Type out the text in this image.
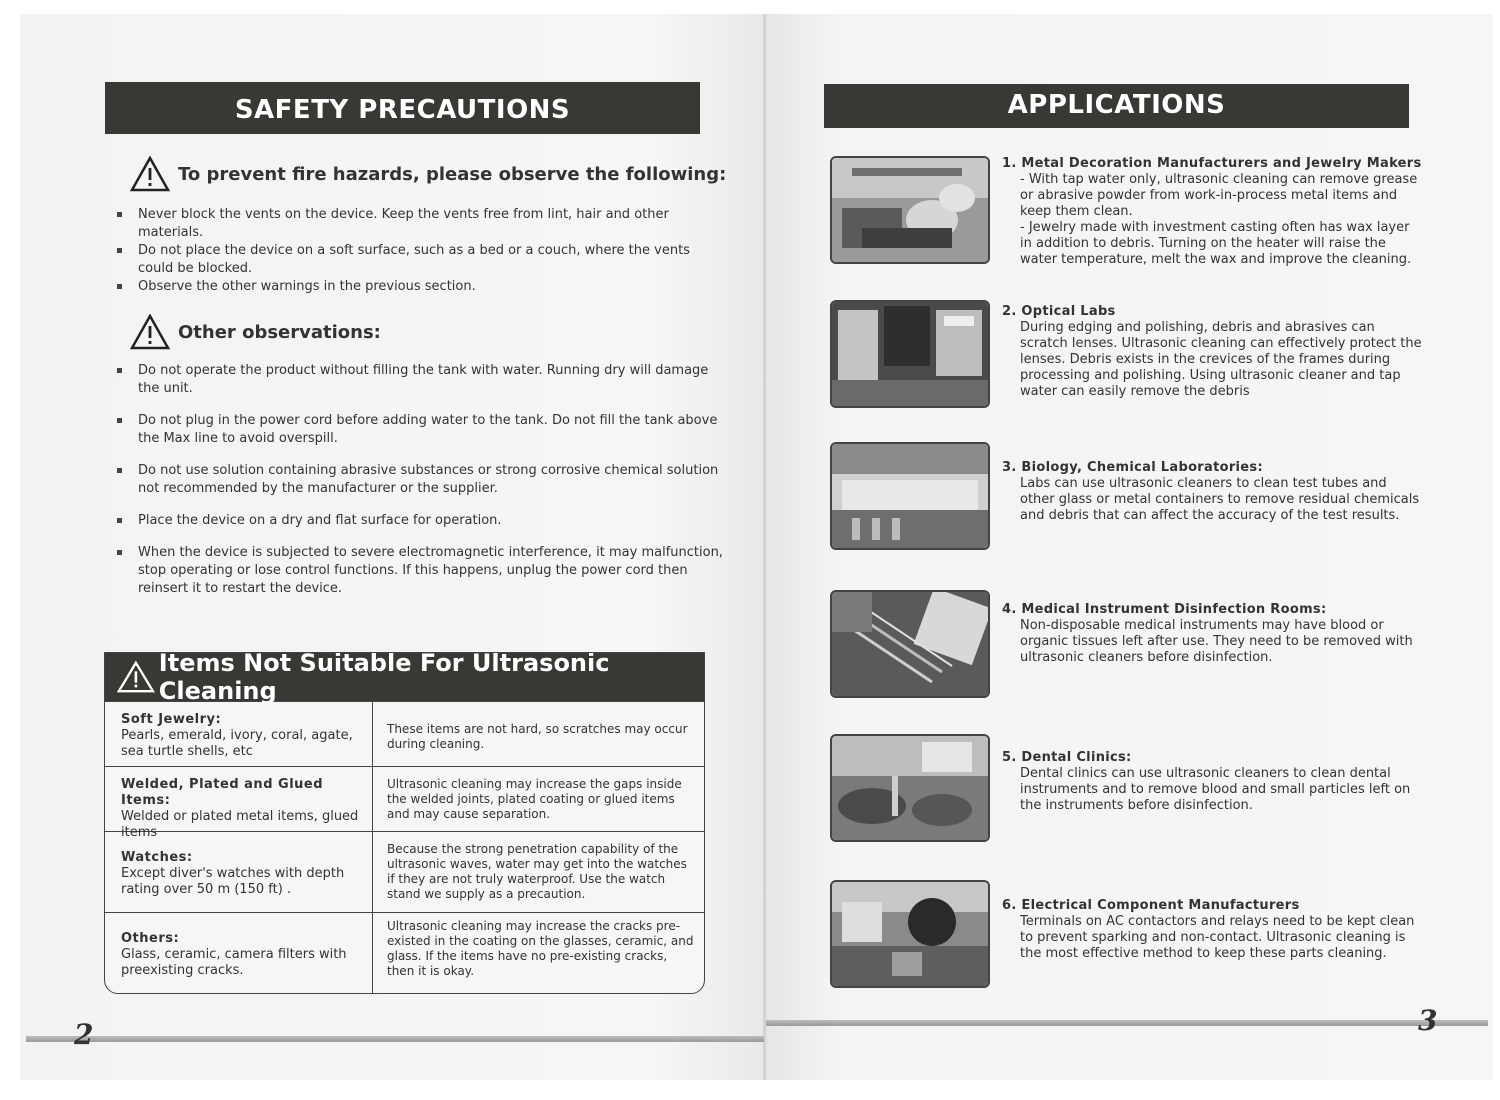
SAFETY PRECAUTIONS
To prevent fire hazards, please observe the following:
Never block the vents on the device. Keep the vents free from lint, hair and other materials.
Do not place the device on a soft surface, such as a bed or a couch, where the vents could be blocked.
Observe the other warnings in the previous section.
Other observations:
Do not operate the product without filling the tank with water. Running dry will damage the unit.
Do not plug in the power cord before adding water to the tank. Do not fill the tank above the Max line to avoid overspill.
Do not use solution containing abrasive substances or strong corrosive chemical solution not recommended by the manufacturer or the supplier.
Place the device on a dry and flat surface for operation.
When the device is subjected to severe electromagnetic interference, it may malfunction, stop operating or lose control functions. If this happens, unplug the power cord then reinsert it to restart the device.
Items Not Suitable For Ultrasonic Cleaning
Soft Jewelry:
Pearls, emerald, ivory, coral, agate, sea turtle shells, etc
These items are not hard, so scratches may occur during cleaning.
Welded, Plated and Glued Items:
Welded or plated metal items, glued items
Ultrasonic cleaning may increase the gaps inside the welded joints, plated coating or glued items and may cause separation.
Watches:
Except diver's watches with depth rating over 50 m (150 ft) .
Because the strong penetration capability of the ultrasonic waves, water may get into the watches if they are not truly waterproof. Use the watch stand we supply as a precaution.
Others:
Glass, ceramic, camera filters with preexisting cracks.
Ultrasonic cleaning may increase the cracks pre-existed in the coating on the glasses, ceramic, and glass. If the items have no pre-existing cracks, then it is okay.
2
APPLICATIONS
1. Metal Decoration Manufacturers and Jewelry Makers
- With tap water only, ultrasonic cleaning can remove grease or abrasive powder from work-in-process metal items and keep them clean.
- Jewelry made with investment casting often has wax layer in addition to debris. Turning on the heater will raise the water temperature, melt the wax and improve the cleaning.
2. Optical Labs
During edging and polishing, debris and abrasives can scratch lenses. Ultrasonic cleaning can effectively protect the lenses. Debris exists in the crevices of the frames during processing and polishing. Using ultrasonic cleaner and tap water can easily remove the debris
3. Biology, Chemical Laboratories:
Labs can use ultrasonic cleaners to clean test tubes and other glass or metal containers to remove residual chemicals and debris that can affect the accuracy of the test results.
4. Medical Instrument Disinfection Rooms:
Non-disposable medical instruments may have blood or organic tissues left after use. They need to be removed with ultrasonic cleaners before disinfection.
5. Dental Clinics:
Dental clinics can use ultrasonic cleaners to clean dental instruments and to remove blood and small particles left on the instruments before disinfection.
6. Electrical Component Manufacturers
Terminals on AC contactors and relays need to be kept clean to prevent sparking and non-contact. Ultrasonic cleaning is the most effective method to keep these parts cleaning.
3
